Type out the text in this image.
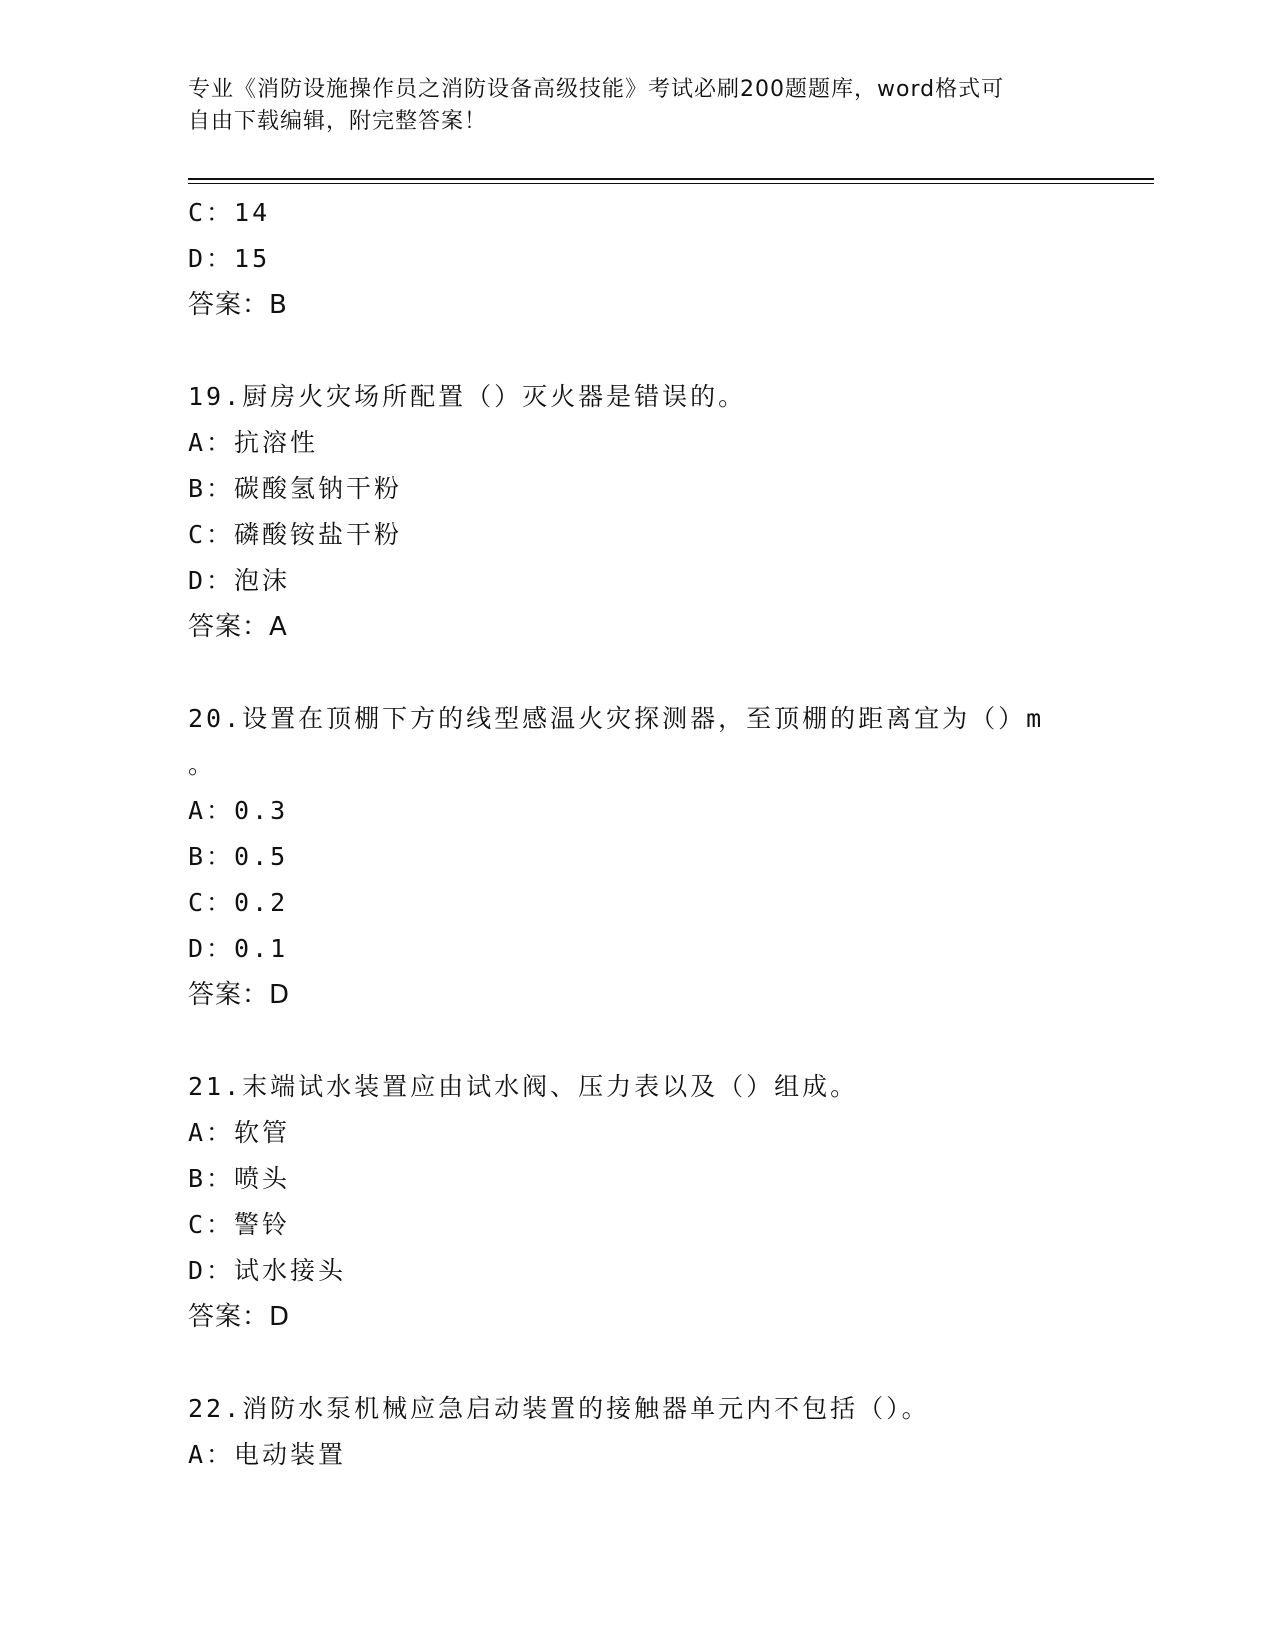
专业《消防设施操作员之消防设备高级技能》考试必刷200题题库，word格式可
自由下载编辑，附完整答案！
C：14
D：15
答案：B
19.厨房火灾场所配置（）灭火器是错误的。
A：抗溶性
B：碳酸氢钠干粉
C：磷酸铵盐干粉
D：泡沫
答案：A
20.设置在顶棚下方的线型感温火灾探测器，至顶棚的距离宜为（）m
。
A：0.3
B：0.5
C：0.2
D：0.1
答案：D
21.末端试水装置应由试水阀、压力表以及（）组成。
A：软管
B：喷头
C：警铃
D：试水接头
答案：D
22.消防水泵机械应急启动装置的接触器单元内不包括（）。
A：电动装置
